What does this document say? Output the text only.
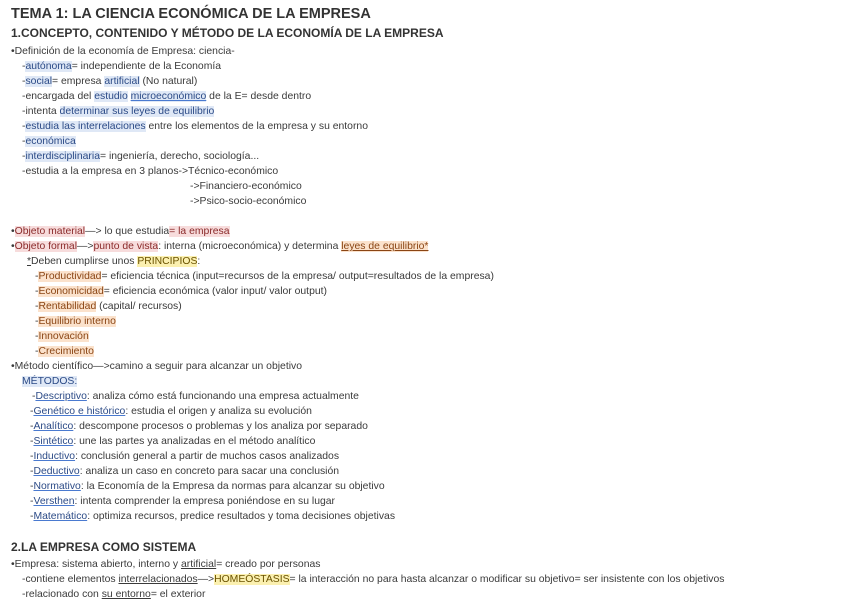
TEMA 1: LA CIENCIA ECONÓMICA DE LA EMPRESA
1.CONCEPTO, CONTENIDO Y MÉTODO DE LA ECONOMÍA DE LA EMPRESA
•Definición de la economía de Empresa: ciencia-
-autónoma= independiente de la Economía
-social= empresa artificial (No natural)
-encargada del estudio microeconómico de la E= desde dentro
-intenta determinar sus leyes de equilibrio
-estudia las interrelaciones entre los elementos de la empresa y su entorno
-económica
-interdisciplinaria= ingeniería, derecho, sociología...
-estudia a la empresa en 3 planos->Técnico-económico
->Financiero-económico
->Psico-socio-económico
•Objeto material—> lo que estudia= la empresa
•Objeto formal—>punto de vista: interna (microeconómica) y determina leyes de equilibrio*
*Deben cumplirse unos PRINCIPIOS:
-Productividad= eficiencia técnica (input=recursos de la empresa/ output=resultados de la empresa)
-Economicidad= eficiencia económica (valor input/ valor output)
-Rentabilidad (capital/ recursos)
-Equilibrio interno
-Innovación
-Crecimiento
•Método científico—>camino a seguir para alcanzar un objetivo
MÉTODOS:
-Descriptivo: analiza cómo está funcionando una empresa actualmente
-Genético e histórico: estudia el origen y analiza su evolución
-Analítico: descompone procesos o problemas y los analiza por separado
-Sintético: une las partes ya analizadas en el método analítico
-Inductivo: conclusión general a partir de muchos casos analizados
-Deductivo: analiza un caso en concreto para sacar una conclusión
-Normativo: la Economía de la Empresa da normas para alcanzar su objetivo
-Versthen: intenta comprender la empresa poniéndose en su lugar
-Matemático: optimiza recursos, predice resultados y toma decisiones objetivas
2.LA EMPRESA COMO SISTEMA
•Empresa: sistema abierto, interno y artificial= creado por personas
-contiene elementos interrelacionados—>HOMEÓSTASIS= la interacción no para hasta alcanzar o modificar su objetivo= ser insistente con los objetivos
-relacionado con su entorno= el exterior
